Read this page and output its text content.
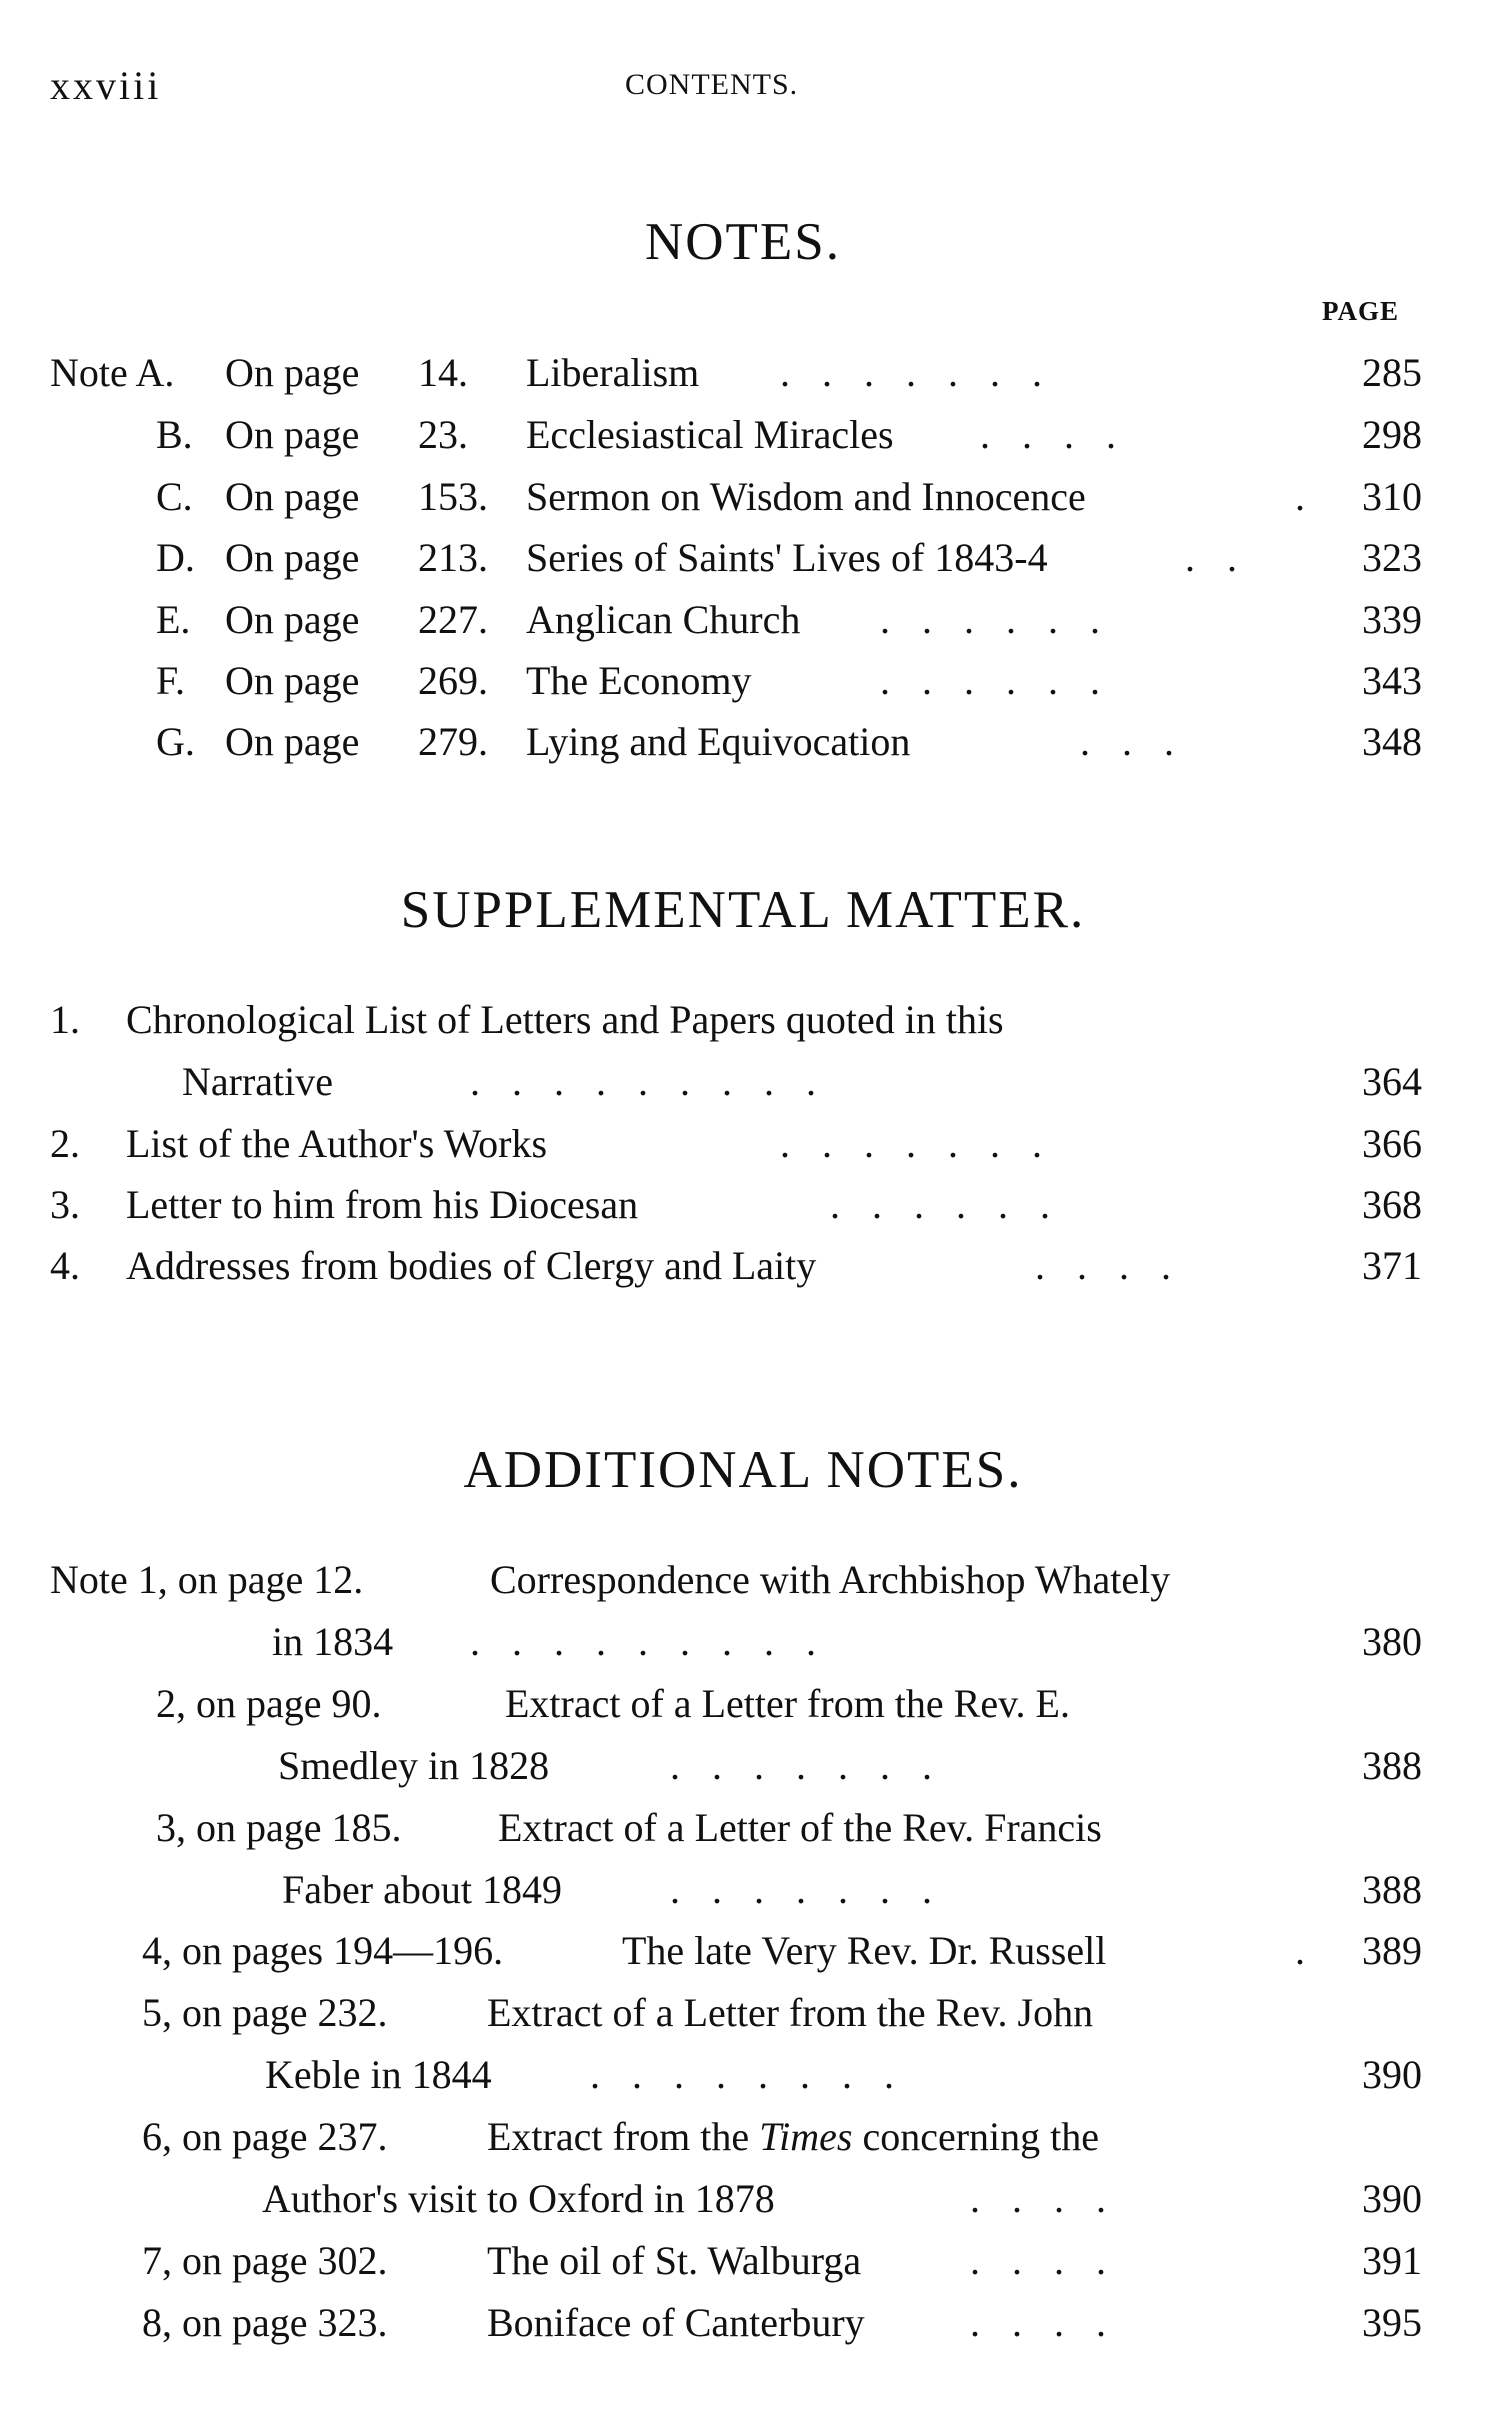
xxviii	CONTENTS.
NOTES.
PAGE
Note A. On page 14. Liberalism .......	285
B. On page 23. Ecclesiastical Miracles ....	298
C. On page 153. Sermon on Wisdom and Innocence	. 310
D. On page 213. Series of Saints' Lives of 1843-4	.. 323
E. On page 227. Anglican Church ......	339
F. On page 269. The Economy	......	343
G. On page 279. Lying and Equivocation	...	348
SUPPLEMENTAL MATTER.
1. Chronological List of Letters and Papers quoted in this
Narrative	.........	364
2. List of the Author's Works	.......	366
3. Letter to him from his Diocesan	......	368
4. Addresses from bodies of Clergy and Laity	....	371
ADDITIONAL NOTES.
Note 1, on page 12.	Correspondence with Archbishop Whately
in 1834 .........	380
2, on page 90.	Extract of a Letter from the Rev. E.
Smedley in 1828	.......	388
3, on page 185. Extract of a Letter of the Rev. Francis
Faber about 1849	.......	388
4, on pages 194—196.	The late Very Rev. Dr. Russell	. 389
5, on page 232. Extract of a Letter from the Rev. John
Keble in 1844 ........	390
6, on page 237. Extract from the Times concerning the
Author's visit to Oxford in 1878	....	390
7, on page 302. The oil of St. Walburga	....	391
8, on page 323. Boniface of Canterbury	....	395
